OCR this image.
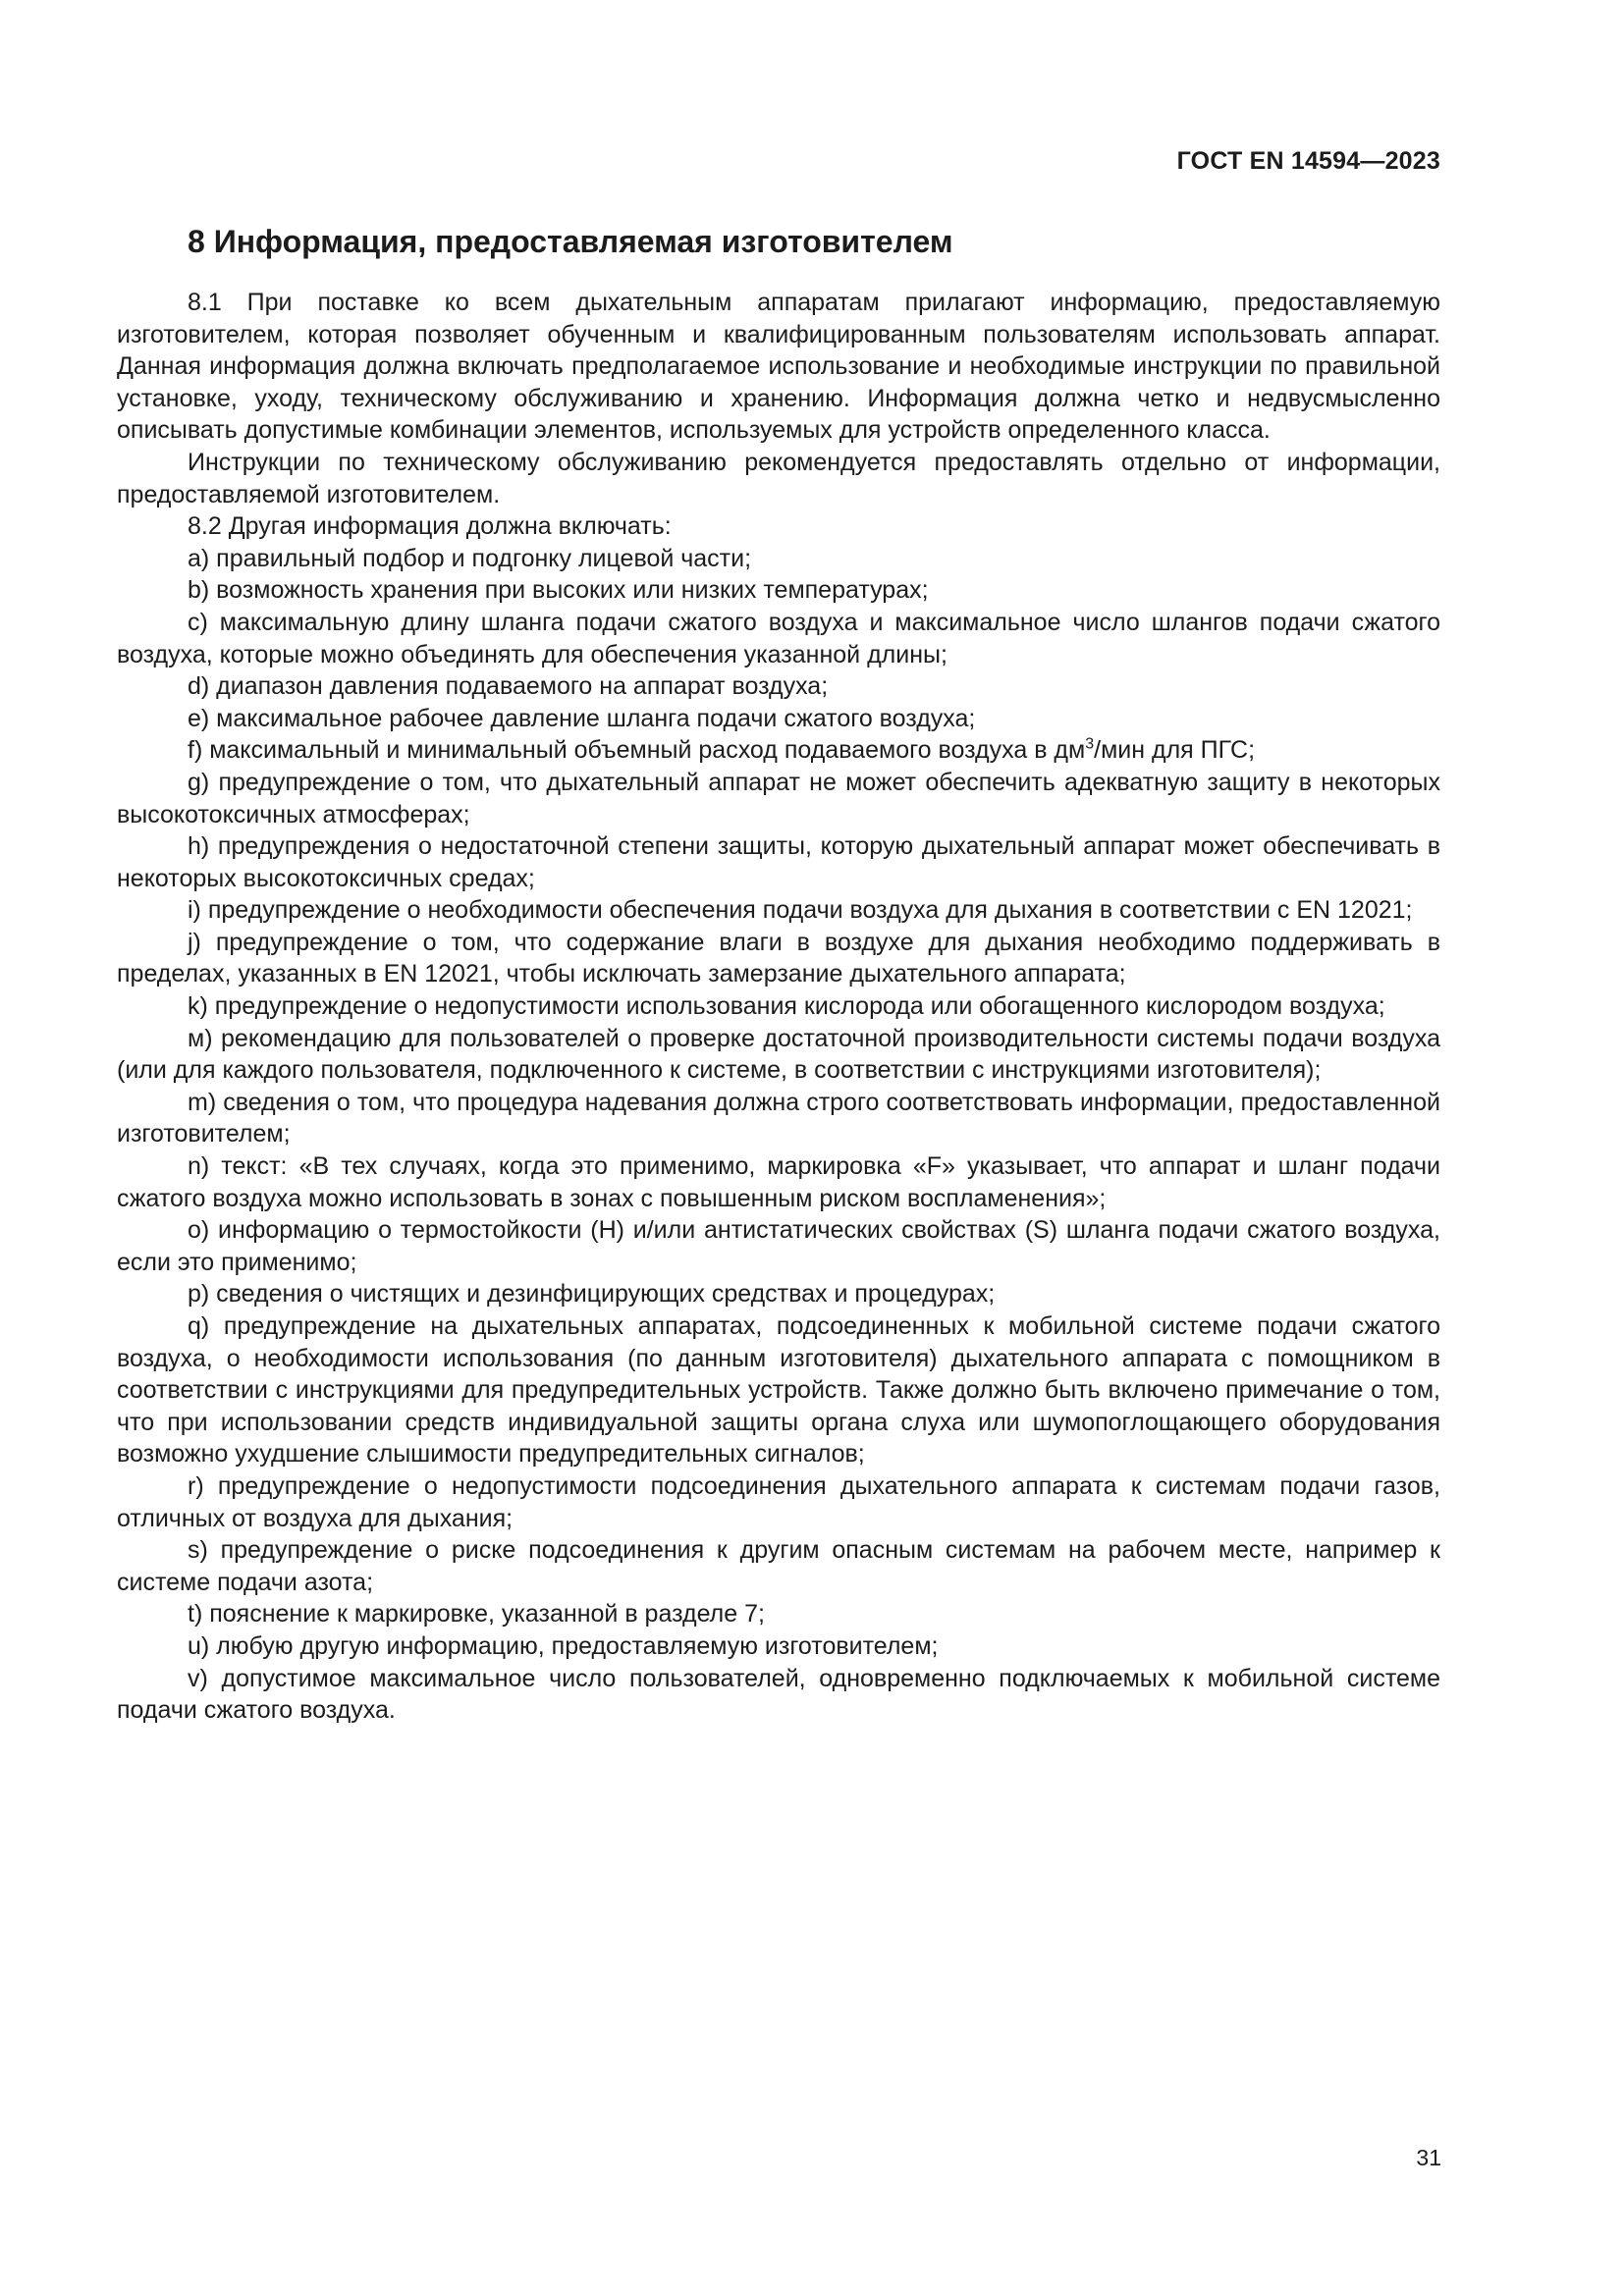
ГОСТ EN 14594—2023
8 Информация, предоставляемая изготовителем

8.1 При поставке ко всем дыхательным аппаратам прилагают информацию, предоставляемую изготовителем, которая позволяет обученным и квалифицированным пользователям использовать аппарат. Данная информация должна включать предполагаемое использование и необходимые инструкции по правильной установке, уходу, техническому обслуживанию и хранению. Информация должна четко и недвусмысленно описывать допустимые комбинации элементов, используемых для устройств определенного класса.

Инструкции по техническому обслуживанию рекомендуется предоставлять отдельно от информации, предоставляемой изготовителем.

8.2 Другая информация должна включать:

a) правильный подбор и подгонку лицевой части;

b) возможность хранения при высоких или низких температурах;

c) максимальную длину шланга подачи сжатого воздуха и максимальное число шлангов подачи сжатого воздуха, которые можно объединять для обеспечения указанной длины;

d) диапазон давления подаваемого на аппарат воздуха;

e) максимальное рабочее давление шланга подачи сжатого воздуха;

f) максимальный и минимальный объемный расход подаваемого воздуха в $дм^3$/мин для ПГС;

g) предупреждение о том, что дыхательный аппарат не может обеспечить адекватную защиту в некоторых высокотоксичных атмосферах;

h) предупреждения о недостаточной степени защиты, которую дыхательный аппарат может обеспечивать в некоторых высокотоксичных средах;

i) предупреждение о необходимости обеспечения подачи воздуха для дыхания в соответствии с EN 12021;

j) предупреждение о том, что содержание влаги в воздухе для дыхания необходимо поддерживать в пределах, указанных в EN 12021, чтобы исключать замерзание дыхательного аппарата;

k) предупреждение о недопустимости использования кислорода или обогащенного кислородом воздуха;

м) рекомендацию для пользователей о проверке достаточной производительности системы подачи воздуха (или для каждого пользователя, подключенного к системе, в соответствии с инструкциями изготовителя);

m) сведения о том, что процедура надевания должна строго соответствовать информации, предоставленной изготовителем;

n) текст: «В тех случаях, когда это применимо, маркировка «F» указывает, что аппарат и шланг подачи сжатого воздуха можно использовать в зонах с повышенным риском воспламенения»;

o) информацию о термостойкости (H) и/или антистатических свойствах (S) шланга подачи сжатого воздуха, если это применимо;

p) сведения о чистящих и дезинфицирующих средствах и процедурах;

q) предупреждение на дыхательных аппаратах, подсоединенных к мобильной системе подачи сжатого воздуха, о необходимости использования (по данным изготовителя) дыхательного аппарата с помощником в соответствии с инструкциями для предупредительных устройств. Также должно быть включено примечание о том, что при использовании средств индивидуальной защиты органа слуха или шумопоглощающего оборудования возможно ухудшение слышимости предупредительных сигналов;

r) предупреждение о недопустимости подсоединения дыхательного аппарата к системам подачи газов, отличных от воздуха для дыхания;

s) предупреждение о риске подсоединения к другим опасным системам на рабочем месте, например к системе подачи азота;

t) пояснение к маркировке, указанной в разделе 7;

u) любую другую информацию, предоставляемую изготовителем;

v) допустимое максимальное число пользователей, одновременно подключаемых к мобильной системе подачи сжатого воздуха.

31
